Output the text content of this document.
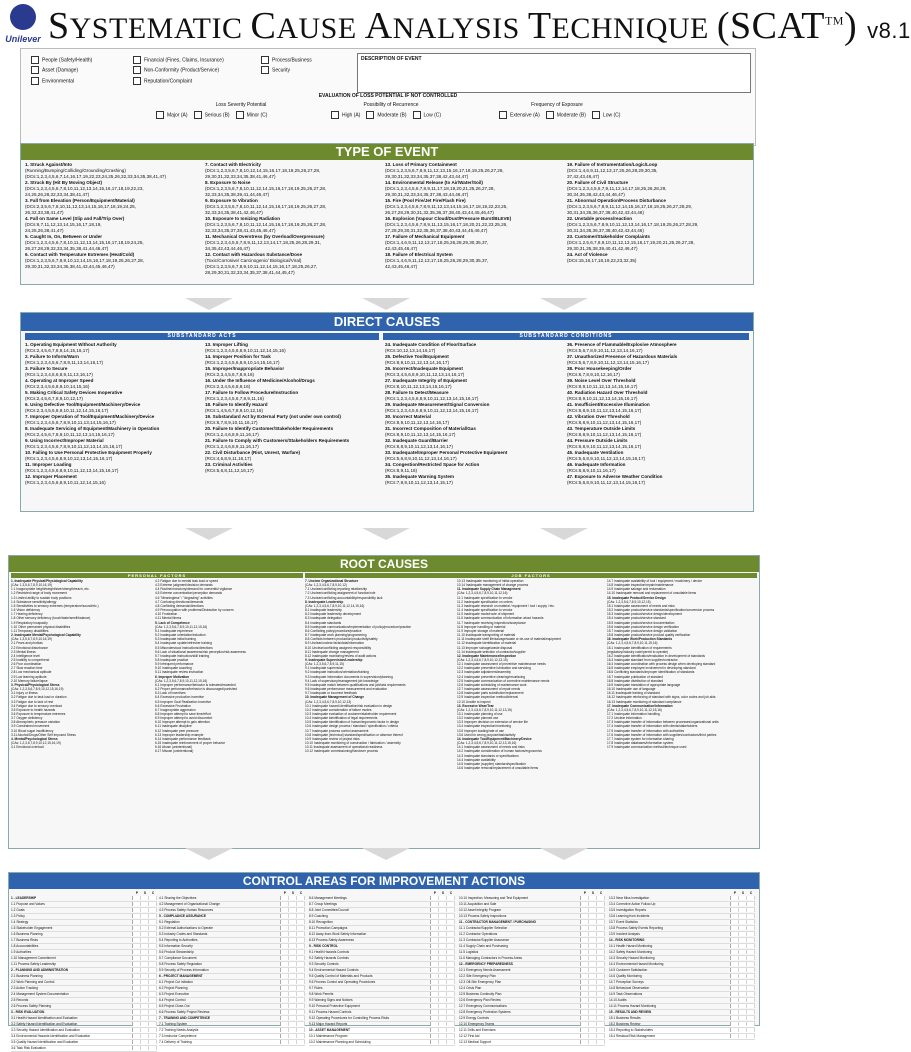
Unilever SYSTEMATIC CAUSE ANALYSIS TECHNIQUE (SCAT™) v8.1
People (Safety/Health)
Asset (Damage)
Environmental
Financial (Fines, Claims, Insurance)
Non-Conformity (Product/Service)
Reputation/Complaint
Process/Business
Security
DESCRIPTION OF EVENT
EVALUATION OF LOSS POTENTIAL IF NOT CONTROLLED
Loss Severity Potential	Possibility of Recurrence	Frequency of Exposure
Major (A)	Serious (B)	Minor (C)	High (A)	Moderate (B)	Low (C)	Extensive (A)	Moderate (B)	Low (C)
TYPE OF EVENT
1. Struck Against/Into
(Running/Bumping/Colliding/Grounding/Crashing)
(DCs:1,2,3,4,5,6,7,14,16,17,19,22,23,24,25,26,32,33,34,35,38,41,47)
2. Struck By (Hit By Moving Object)
(DCs:1,2,3,4,5,6,7,8,10,11,12,13,14,15,16,17,18,19,22,23,
24,25,26,28,32,33,34,38,41,47)
3. Fall from Elevation (Person/Equipment/Material)
(DCs:2,3,5,6,7,8,10,11,12,13,14,15,16,17,18,19,24,25,
26,32,33,38,41,47)
4. Fall on Same Level (Slip and Fall/Trip Over)
(DCs:6,7,11,12,13,14,15,16,17,18,19,
24,25,26,38,41,47)
5. Caught In, On, Between or Under
(DCs:1,2,3,4,5,6,7,8,10,11,12,13,14,15,16,17,18,19,24,25,
26,27,28,29,32,33,34,35,38,41,44,46,47)
6. Contact with Temperature Extremes (Heat/Cold)
(DCs:1,2,3,5,6,7,8,9,10,12,14,15,16,17,18,19,25,26,27,28,
29,30,31,32,33,34,35,38,41,43,44,45,46,47)
7. Contact with Electricity
(DCs:1,2,3,5,6,7,8,10,12,14,15,16,17,18,19,25,26,27,28,
29,30,31,32,33,34,35,38,41,46,47)
8. Exposure to Noise
(DCs:1,2,3,5,6,7,8,10,11,12,14,15,16,17,18,19,25,26,27,28,
32,33,34,35,38,39,41,44,46,47)
9. Exposure to Vibration
(DCs:1,2,3,5,6,7,8,10,11,12,14,15,16,17,18,19,25,26,27,28,
32,33,34,35,38,41,42,46,47)
10. Exposure to Ionizing Radiation
(DCs:1,2,3,5,6,7,8,10,11,12,14,15,16,17,18,19,25,26,27,28,
32,33,34,35,37,38,41,43,45,46,47)
11. Mechanical Overstress (by Overload/Overpressure)
(DCs:1,2,3,4,5,6,7,8,9,11,12,13,14,17,18,25,26,28,29,31,
34,35,42,43,44,46,47)
12. Contact with Hazardous Substance/Dose
(Toxic/Corrosive/ Carcinogenic/ Biological/Viral)
(DCs:1,2,3,5,6,7,8,9,10,11,12,14,15,16,17,18,25,26,27,
28,29,30,31,32,33,34,35,37,38,41,44,45,47)
13. Loss of Primary Containment
(DCs:1,2,3,5,6,7,8,9,11,12,13,15,16,17,18,19,25,26,27,28,
29,30,31,32,33,34,35,37,38,42,43,44,47)
14. Environmental Release (to Air/Water/Soil)
(DCs:1,2,3,4,5,6,7,8,9,11,17,18,19,20,21,25,26,27,28,
29,30,31,32,33,34,35,37,38,43,44,46,47)
15. Fire (Pool Fire/Jet Fire/Flash Fire)
(DCs:1,2,3,4,5,6,7,8,9,11,12,13,14,15,16,17,18,19,22,23,25,
26,27,28,29,30,31,32,35,36,37,38,40,43,44,45,46,47)
16. Explosion (Vapour Cloud/Dust/Pressure Burst/BLEVE)
(DCs:1,2,3,4,5,6,7,8,9,11,13,15,16,17,18,20,21,22,23,25,26,
27,28,29,30,31,32,35,36,37,38,40,43,44,45,46,47)
17. Failure of Mechanical Equipment
(DCs:1,4,6,9,11,12,13,17,18,25,26,28,29,30,35,37,
42,43,45,46,47)
18. Failure of Electrical System
(DCs:1,4,6,9,11,12,13,17,18,25,26,28,29,30,35,37,
42,43,45,46,47)
19. Failure of Instrumentation/Logic/Loop
(DCs:1,4,6,9,11,12,13,17,25,26,28,29,30,35,
37,42,43,46,47)
20. Failure of Civil Structure
(DCs:1,2,3,4,5,6,7,9,11,12,14,17,18,25,26,28,29,
30,34,35,38,42,43,44,46,47)
21. Abnormal Operation/Process Disturbance
(DCs:1,2,3,5,6,7,8,9,11,12,14,15,16,17,18,19,25,26,27,28,29,
30,31,34,35,36,37,38,40,42,43,44,46)
22. Unstable process/reaction
(DCs:1,2,3,5,6,7,8,9,10,11,12,13,14,16,17,18,19,25,26,27,28,29,
30,31,34,35,36,37,38,40,42,43,44,46)
23. Customer/Stakeholder Complaints
(DCs:1,2,5,6,7,8,9,10,11,12,13,15,16,17,19,20,21,25,26,27,28,
29,30,31,35,38,39,40,41,42,46,47)
24. Act of Violence
(DCs:15,16,17,18,19,22,23,32,35)
DIRECT CAUSES
SUBSTANDARD ACTS	SUBSTANDARD CONDITIONS
1. Operating Equipment Without Authority
(RCs:2,4,5,6,7,8,9,14,15,16,17)
2. Failure to Inform/Warn
(RCs:1,2,3,4,5,6,7,8,9,11,13,14,16,17)
3. Failure to Secure
(RCs:1,2,3,4,5,6,8,9,11,13,16,17)
4. Operating at Improper Speed
(RCs:2,3,4,5,6,8,9,10,14,15,16)
5. Making Critical Safety Devices Inoperative
(RCs:2,4,5,6,7,8,9,10,12,17)
6. Using Defective Tool/Equipment/Machinery/Device
(RCs:2,3,4,5,6,8,9,10,11,12,14,15,16,17)
7. Improper Operation of Tool/Equipment/Machinery/Device
(RCs:1,2,3,4,5,6,7,8,9,10,11,13,14,15,16,17)
8. Inadequate Servicing of Equipment/Machinery in Operation
(RCs:2,4,5,6,7,8,9,10,11,12,13,14,15,16,17)
9. Using Incorrect/Improper Material
(RCs:1,2,3,4,5,6,7,8,9,10,11,12,13,14,15,16,17)
10. Failing to Use Personal Protective Equipment Properly
(RCs:1,2,3,4,5,6,8,9,10,12,13,14,15,16,17)
11. Improper Loading
(RCs:1,2,3,4,5,6,8,9,10,11,12,13,14,15,16,17)
12. Improper Placement
(RCs:1,2,3,4,5,6,8,9,10,11,12,14,15,16)
13. Improper Lifting
(RCs:1,2,3,4,5,6,8,9,10,11,12,14,15,16)
14. Improper Position for Task
(RCs:1,2,3,4,5,6,8,9,10,14,15,16,17)
15. Improper/Inappropriate Behavior
(RCs:2,3,4,5,6,7,8,9,16)
16. Under the Influence of Medicine/Alcohol/Drugs
(RCs:2,3,4,5,6,8,9,16)
17. Failure to Follow Procedure/Instruction
(RCs:1,2,3,4,5,6,7,8,9,11,16)
18. Failure to Identify Hazard
(RCs:1,4,5,6,7,8,9,10,12,16)
19. Substandard Act by External Party (not under own control)
(RCs:6,7,8,9,10,11,16,17)
20. Failure to Identify Customer/Stakeholder Requirements
(RCs:1,2,4,6,8,9,11,16,17)
21. Failure to Comply with Customers/Stakeholders Requirements
(RCs:1,2,4,6,8,9,11,16,17)
22. Civil Disturbance (Riot, Unrest, Warfare)
(RCs:4,6,8,9,11,16,17)
23. Criminal Activities
(RCs:5,6,8,11,12,16,17)
24. Inadequate Condition of Floor/Surface
(RCs:10,12,13,14,16,17)
25. Defective Tool/Equipment
(RCs:8,9,10,11,12,13,14,16,17)
26. Incorrect/Inadequate Equipment
(RCs:3,4,5,6,8,9,10,11,12,13,14,16,17)
27. Inadequate Integrity of Equipment
(RCs:8,10,11,12,13,14,15,16,17)
28. Failure to Detect/Measure
(RCs:1,2,3,4,5,6,8,9,10,11,12,13,14,15,16,17)
29. Inadequate Measurement/Signal Conversion
(RCs:1,2,3,4,5,6,8,9,10,11,12,13,14,15,16,17)
30. Incorrect Material
(RCs:8,9,10,11,12,13,14,16,17)
31. Incorrect Composition of Material/Gas
(RCs:8,9,10,11,12,13,14,15,16,17)
32. Inadequate Guard/Barrier
(RCs:6,8,9,10,11,12,13,14,16,17)
33. Inadequate/Improper Personal Protective Equipment
(RCs:5,6,8,9,10,11,12,13,14,16,17)
34. Congestion/Restricted Space for Action
(RCs:8,9,11,16)
35. Inadequate Warning System
(RCs:7,8,9,10,11,12,13,14,15,17)
36. Presence of Flammable/Explosive Atmosphere
(RCs:5,6,7,8,9,10,11,12,13,14,16,17)
37. Unauthorized Presence of Hazardous Materials
(RCs:5,6,7,8,9,10,11,12,13,14,15,16,17)
38. Poor Housekeeping/Order
(RCs:6,7,8,9,10,12,16,17)
39. Noise Level Over Threshold
(RCs:8,9,10,11,12,13,14,15,16,17)
40. Radiation Hazard Over Threshold
(RCs:8,9,10,11,12,13,14,15,16,17)
41. Insufficient/Excessive Illumination
(RCs:6,8,9,10,11,12,13,14,15,16,17)
42. Vibration Over Threshold
(RCs:6,8,9,10,11,12,13,14,15,16,17)
43. Temperature Outside Limits
(RCs:6,8,9,10,11,12,13,14,15,16,17)
44. Pressure Outside Limits
(RCs:6,8,9,10,11,12,13,14,15,16,17)
45. Inadequate Ventilation
(RCs:5,6,8,9,10,11,12,13,14,15,16,17)
46. Inadequate Information
(RCs:6,8,9,10,11,16,17)
47. Exposure to Adverse Weather Condition
(RCs:5,6,8,9,10,11,12,13,14,15,16,17)
ROOT CAUSES
PERSONAL FACTORS	JOB FACTORS
1. Inadequate Physical/Physiological Capability
(CAs: 1,3,5,6,7,8,9,10,16,19)
1.1 Inappropriate height/weight/size/strength/reach, etc.
1.2 Restricted range of body movement
1.3 Limited ability to sustain body positions
1.4 Substance sensitivity/allergy
1.5 Sensitivities to sensory extremes (temperature/sound/etc.)
1.6 Vision deficiency
1.7 Hearing deficiency
1.8 Other sensory deficiency (touch/taste/smell/balance)
1.9 Respiratory incapacity
1.10 Other permanent physical disabilities
1.11 Temporary disabilities
2. Inadequate Mental/Psychological Capability
(CAs: 1,3,5,6,7,8,9,10,16,19)
2.1 Fears and phobias
2.2 Emotional disturbance
2.3 Mental illness
2.4 Intelligence level
2.5 Inability to comprehend
2.6 Poor coordination
2.7 Slow reaction time
2.8 Low mechanical aptitude
2.9 Low learning aptitude
2.10 Memory failure/lapse
3. Physical/Physiological Stress
(CAs: 1,2,3,5,6,7,8,9,10,12,15,16,19)
3.1 Injury or illness
3.2 Fatigue due to task load or duration
3.3 Fatigue due to lack of rest
3.4 Fatigue due to sensory overload
3.5 Exposure to health hazards
3.6 Exposure to temperature extremes
3.7 Oxygen deficiency
3.8 Atmospheric pressure variation
3.9 Constrained movement
3.10 Blood sugar insufficiency
3.11 Alcohol/Drugs/Other Self Imposed Stress
4. Mental/Psychological Stress
(CAs: 1,2,3,6,7,8,9,10,12,15,16,19)
4.1 Emotional overload
4.2 Fatigue due to mental task load or speed
4.3 Extreme judgment/decision demands
4.4 Routine/monotony/demand for uneventful vigilance
4.5 Extreme concentration/perception demands
4.6 "Meaningless" / "degrading" activities
4.7 Confusing directions/demands
4.8 Conflicting demands/directions
4.9 Preoccupation with problems/Distraction by concern
4.10 Frustration
4.11 Mental illness
5. Lack of Competence
(CAs: 1,2,3,5,6,7,8,9,10,11,12,15,16)
5.1 Inadequate experience
5.2 Inadequate orientation/induction
5.3 Inadequate initial training
5.4 Inadequate update/refresher training
5.5 Misunderstood instructions/directions
5.6 Lack of situational awareness/risk perception/risk awareness
5.7 Inadequate instruction/skill training
5.8 Inadequate practice
5.9 Infrequent performance
5.10 Inadequate coaching
5.11 Inadequate review instruction
6. Improper Motivation
(CAs: 1,2,3,5,6,7,8,9,10,11,12,15,16)
6.1 Improper performance/behavior is tolerated/rewarded
6.2 Proper performance/behavior is discouraged/punished
6.3 Lack of incentives
6.4 Excessive production incentive
6.5 Improper Goal Realization Incentive
6.6 Excessive Frustration
6.7 Inappropriate aggression
6.8 Improper attempt to save time/effort
6.9 Improper attempt to avoid discomfort
6.10 Improper attempt to gain attention
6.11 Inadequate discipline
6.12 Inadequate peer pressure
6.13 Improper leadership example
6.14 Inadequate performance feedback
6.15 Inadequate reinforcement of proper behavior
6.16 Abuse (unintentional)
6.17 Misuse (unintentional)
7. Unclear Organizational Structure
(CAs: 1,2,3,4,5,6,7,8,9,10,12)
7.1 Unclear/conflicting reporting relationship
7.2 Unclear/conflicting assignment of function/role
7.3 Unclear/conflicting accountability/responsibility lack
8. Inadequate Leadership
(CAs: 1,2,3,4,5,6,7,8,9,10,11,12,14,15,16)
8.1 Inadequate leadership
8.2 Inadequate leadership development
8.3 Inadequate delegation
8.4 Inadequate standards
8.5 Inadequate communication/implementation of policy/procedure/practice
8.6 Conflicting policy/procedure/practice
8.7 Inadequate work planning/programming
8.8 Conflicts between production/productivity/safety
8.9 Unclear/unclear facts/data/information
8.10 Unclear/conflicting assigned responsibility
8.11 Inadequate change management
8.12 Inadequate monitoring/review of audit actions
9. Inadequate Supervision/Leadership
(CAs: 1,2,3,5,6,7,8,9,11,15)
9.1 Inadequate supervision
9.2 Inadequate instruction/orientation/training
9.3 Inadequate information documents in supervision/planning
9.4 Lack of supervisory/management job knowledge
9.5 Inadequate match between qualifications and job/task requirements
9.6 Inadequate performance measurement and evaluation
9.7 Inadequate or incorrect feedback
10. Inadequate Management of Change
(CAs: 1,2,3,4,5,6,7,8,9,10,12,13)
10.1 Inadequate hazard identification/risk evaluation in design
10.2 Inadequate consideration of failure modes
10.3 Inadequate evaluation of customer/stakeholder requirement
10.4 Inadequate identification of legal requirements
10.5 Inadequate identification of human/ergonomic factor in design
10.6 Inadequate design process / standard / specification / criteria
10.7 Inadequate process control assessment
10.8 Inadequate (technical) standard/specification or absence thereof
10.9 Inadequate review of project risks
10.10 Inadequate monitoring of construction / fabrication / assembly
10.11 Inadequate assessment of operational readiness
10.12 Inadequate commissioning/handover process
10.13 Inadequate monitoring of initial operation
10.14 Inadequate management of change process
11. Inadequate Supply Chain Management
(CAs: 1,2,3,4,5,6,7,8,9,10,11,12,16)
11.1 Inadequate specification to vendor
11.2 Inadequate specification on orders
11.3 Inadequate research on material / equipment / tool / supply / etc.
11.4 Inadequate specification to vendor
11.5 Inadequate mode/route of shipment
11.6 Inadequate communication of information about hazards
11.7 Inadequate receiving inspection/acceptance
11.8 Improper handling of material
11.9 Improper storage of material
11.10 Inadequate transporting of material
11.11 Inadequate shelf life/salvage/waste or de-use of material/equipment
11.12 Inadequate identification of material
11.13 Improper salvage/waste disposal
11.14 Inadequate selection of contractor/supplier
12. Inadequate Maintenance/Inspection
(CAs: 1,2,3,4,5,6,7,8,9,10,12,13,15)
12.1 Inadequate assessment of preventive maintenance needs
12.2 Inadequate preventive lubrication and servicing
12.3 Inadequate adjustment/assembly
12.4 Inadequate preventive cleaning/resurfacing
12.5 Inadequate communication of corrective maintenance needs
12.6 Inadequate scheduling of maintenance work
12.7 Inadequate assessment of repair needs
12.8 Inadequate parts substitution/replacement
12.9 Inadequate inspection method/interval
12.10 Unable to inspect
13. Excessive Wear/Tear
(CAs: 1,2,3,4,5,6,7,8,9,10,11,12,13,15)
13.1 Inadequate planning of use
13.2 Inadequate planned use
13.3 Improper decision on extension of service life
13.4 Inadequate inspection/monitoring
13.5 Improper loading/rate of use
13.6 Used for wrong purpose/task/activity
14. Inadequate Tool/Equipment/Machinery/Device
(CAs: 1,2,3,4,5,6,7,8,9,10,11,12,13,15,16)
14.1 Inadequate assessment of needs and risks
14.2 Inadequate consideration of human factors/ergonomics
14.3 Inadequate standards or specifications
14.4 Inadequate availability
14.5 Inadequate (supplier) standard/specification
14.6 Inadequate removal/replacement of unsuitable items
14.7 Inadequate availability of tool / equipment / machinery / device
14.8 Inadequate inspection/repair/maintenance
14.9 Inadequate salvage and reclamation
14.10 Inadequate removal and replacement of unsuitable items
15. Inadequate Product/Service Design
(CAs: 1,2,3,5,6,7,8,9,10,12,15)
15.1 Inadequate assessment of needs and risks
15.2 Inadequate product/service standards/specification/conversion process
15.3 Inadequate product/service design/development
15.4 Inadequate product/service standard
15.5 Inadequate product/service documentation
15.6 Inadequate product/service design verification
15.7 Inadequate product/service design validation
15.8 Inadequate product/service product quality verification
16. Inadequate Work/Production Standards
(CAs: 1,2,3,4,5,6,7,8,9,10,11,15,16)
16.1 Inadequate identification of requirements
(regulatory/industry code/permit to operate)
16.2 Inadequate identification/evaluation in development of standards
16.3 Inadequate standard from supplier/contractor
16.4 Inadequate coordination with process design when developing standard
16.5 Inadequate employee involvement in developing standard
16.6 Conflicting standards/improper identification of standards
16.7 Inadequate publication of standard
16.8 Inadequate distribution of standard
16.9 Inadequate translation of appropriate language
16.10 Inadequate use of language
16.11 Inadequate training of standard
16.12 Inadequate reinforcing of standard with signs, color codes and job aids
16.13 Inadequate monitoring of standard compliance
17. Inadequate Communication/Information
(CAs: 1,2,3,4,5,6,7,8,9,10,11,12,15,16)
17.1 Inadequate information handling
17.2 Unclear information
17.3 Inadequate transfer of information between processes/organizational units
17.4 Inadequate transfer of information with clients/stakeholders
17.5 Inadequate transfer of information with authorities
17.6 Inadequate transfer of information with suppliers/contractors/third parties
17.7 Inadequate system for information sharing
17.8 Inadequate databases/information system
17.9 Inadequate communication method/technique used
CONTROL AREAS FOR IMPROVEMENT ACTIONS
P S C
1 - LEADERSHIP
1.1 Purpose and Values
1.2 Goals
1.3 Policy
1.4 Strategy
1.5 Stakeholder Engagement
1.6 Business Planning
1.7 Business Risks
1.8 Accountabilities
1.9 Authorities
1.10 Management Commitment
1.11 Process Safety Leadership
2 - PLANNING AND ADMINISTRATION
2.1 Business Planning
2.2 Work Planning and Control
2.3 Action Tracking
2.4 Management System Documentation
2.5 Records
2.6 Process Safety Planning
3 - RISK EVALUATION
3.1 Health Hazard Identification and Evaluation
3.2 Safety Hazard Identification and Evaluation
3.3 Security Hazard Identification and Evaluation
3.4 Environmental Hazards Identification and Evaluation
3.5 Quality Hazard Identification and Evaluation
3.6 Task Risk Evaluation
P S C
4.1 Sharing the Objectives
4.2 Management of Organizational Change
4.3 Process Safety Human Resources
5 - COMPLIANCE ASSURANCE
5.1 Regulation
5.2 External Authorizations to Operate
5.3 Industry Codes and Standards
5.4 Reporting to Authorities
5.5 Information Security
5.6 Product Stewardship
5.7 Compliance Document
5.8 Process Safety Regulation
5.9 Security of Process Information
6 - PROJECT MANAGEMENT
6.1 Project Cut Initiation
6.2 Project Planning
6.3 Project Execution
6.4 Project Control
6.5 Project Close-Out
6.6 Process Safety Project Reviews
7 - TRAINING AND COMPETENCE
7.1 Training System
7.2 Training Needs Analysis
7.3 Instructor Competence
7.4 Delivery of Training
P S C
8.6 Management Meetings
8.7 Group Meetings
8.8 Joint Committee/Council
8.9 Coaching
8.10 Recognition
8.11 Promotion Campaigns
8.12 Away-from-Work Safety Information
8.13 Process Safety Awareness
9 - RISK CONTROL
9.1 Health Hazards Controls
9.2 Safety Hazards Controls
9.3 Security Controls
9.4 Environmental Hazard Controls
9.5 Quality Control of Materials and Products
9.6 Process Control and Operating Procedures
9.7 Rules
9.8 Work Permits
9.9 Warning Signs and Notices
9.10 Personal Protective Equipment
9.11 Process Hazard Controls
9.12 Operating Procedures for Controlling Process Risks
9.13 Major Hazard Reports
10 - ASSET MANAGEMENT
10.1 Maintenance Program
10.2 Maintenance Planning and Scheduling
P S C
10.10 Inspection, Measuring and Test Equipment
10.11 Acquisition and Sale
10.12 Asset Integrity Program
10.13 Process Safety Inspections
11 - CONTRACTOR MANAGEMENT / PURCHASING
11.1 Contractor/Supplier Selection
11.2 Contractor Operations
11.3 Contractor/Supplier Assurance
11.4 Supply Chain and Purchasing
11.5 Logistics
11.6 Managing Contractors in Process Areas
12 - EMERGENCY PREPAREDNESS
12.1 Emergency Needs Assessment
12.2 Site Emergency Plan
12.3 Off-Site Emergency Plan
12.4 Crisis Plan
12.5 Business Continuity Plan
12.6 Emergency Plan Review
12.7 Emergency Communications
12.8 Emergency Protection Systems
12.9 Energy Controls
12.10 Emergency Teams
12.11 Drills and Exercises
12.12 First Aid
12.13 Medical Support
P S C
13.3 Near Miss Investigation
13.4 Corrective Action Follow-Up
13.5 Investigation Reports
13.6 Learning from Incidents
13.7 Event Statistics
13.8 Process Safety Events Reporting
13.9 Incident Analysis
14 - RISK MONITORING
14.1 Health Hazard Monitoring
14.2 Safety Hazard Monitoring
14.3 Security Hazard Monitoring
14.4 Environmental Hazard Monitoring
14.5 Customer Satisfaction
14.6 Quality Monitoring
14.7 Perception Surveys
14.8 Behavioral Observation
14.9 Task Observations
14.10 Audits
14.11 Process Hazard Monitoring
15 - RESULTS AND REVIEW
15.1 Business Results
15.2 Business Review
15.3 Reporting to Stakeholders
15.4 Residual Risk Management
